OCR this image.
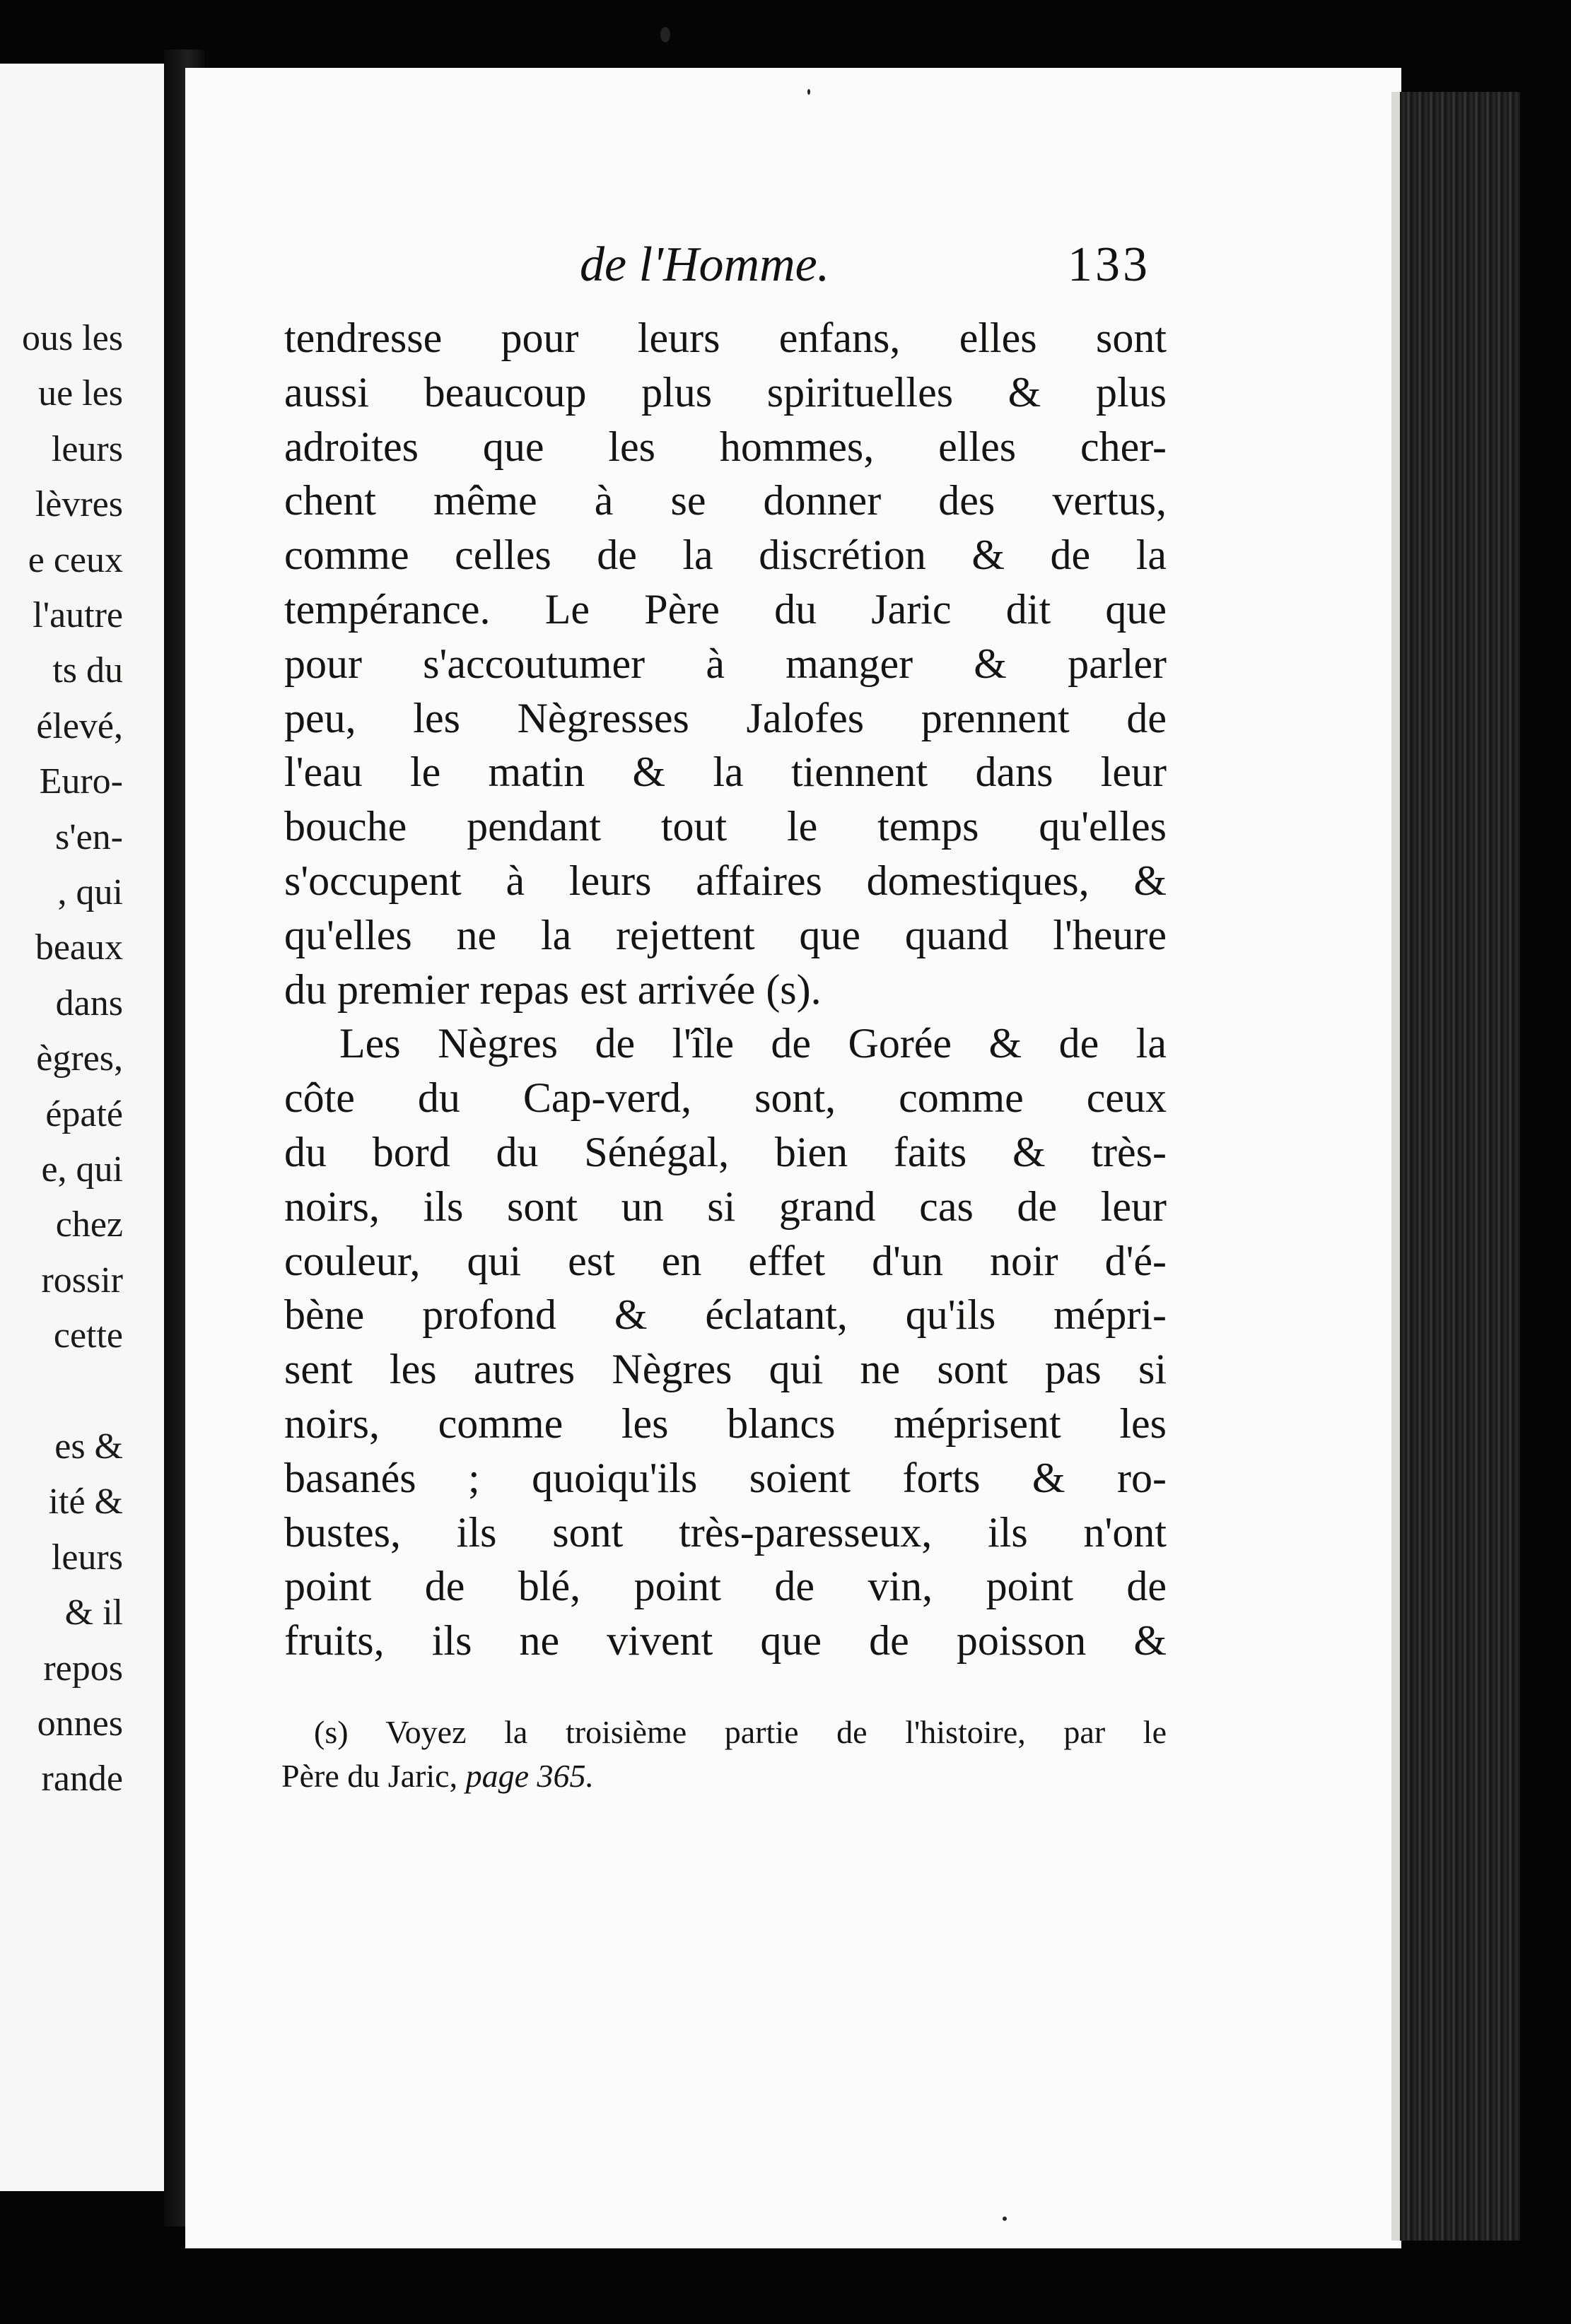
ous les
ue les
leurs
lèvres
e ceux
l'autre
ts du
élevé,
Euro-
s'en-
, qui
beaux
dans
ègres,
épaté
e, qui
chez
rossir
cette
es &
ité &
leurs
& il
repos
onnes
rande
de l'Homme.	133
tendresse pour leurs enfans, elles sont
aussi beaucoup plus spirituelles & plus
adroites que les hommes, elles cher-
chent même à se donner des vertus,
comme celles de la discrétion & de la
tempérance. Le Père du Jaric dit que
pour s'accoutumer à manger & parler
peu, les Nègresses Jalofes prennent de
l'eau le matin & la tiennent dans leur
bouche pendant tout le temps qu'elles
s'occupent à leurs affaires domestiques, &
qu'elles ne la rejettent que quand l'heure
du premier repas est arrivée (s).
Les Nègres de l'île de Gorée & de la
côte du Cap-verd, sont, comme ceux
du bord du Sénégal, bien faits & très-
noirs, ils sont un si grand cas de leur
couleur, qui est en effet d'un noir d'é-
bène profond & éclatant, qu'ils mépri-
sent les autres Nègres qui ne sont pas si
noirs, comme les blancs méprisent les
basanés ; quoiqu'ils soient forts & ro-
bustes, ils sont très-paresseux, ils n'ont
point de blé, point de vin, point de
fruits, ils ne vivent que de poisson &
(s) Voyez la troisième partie de l'histoire, par le
Père du Jaric, page 365.
